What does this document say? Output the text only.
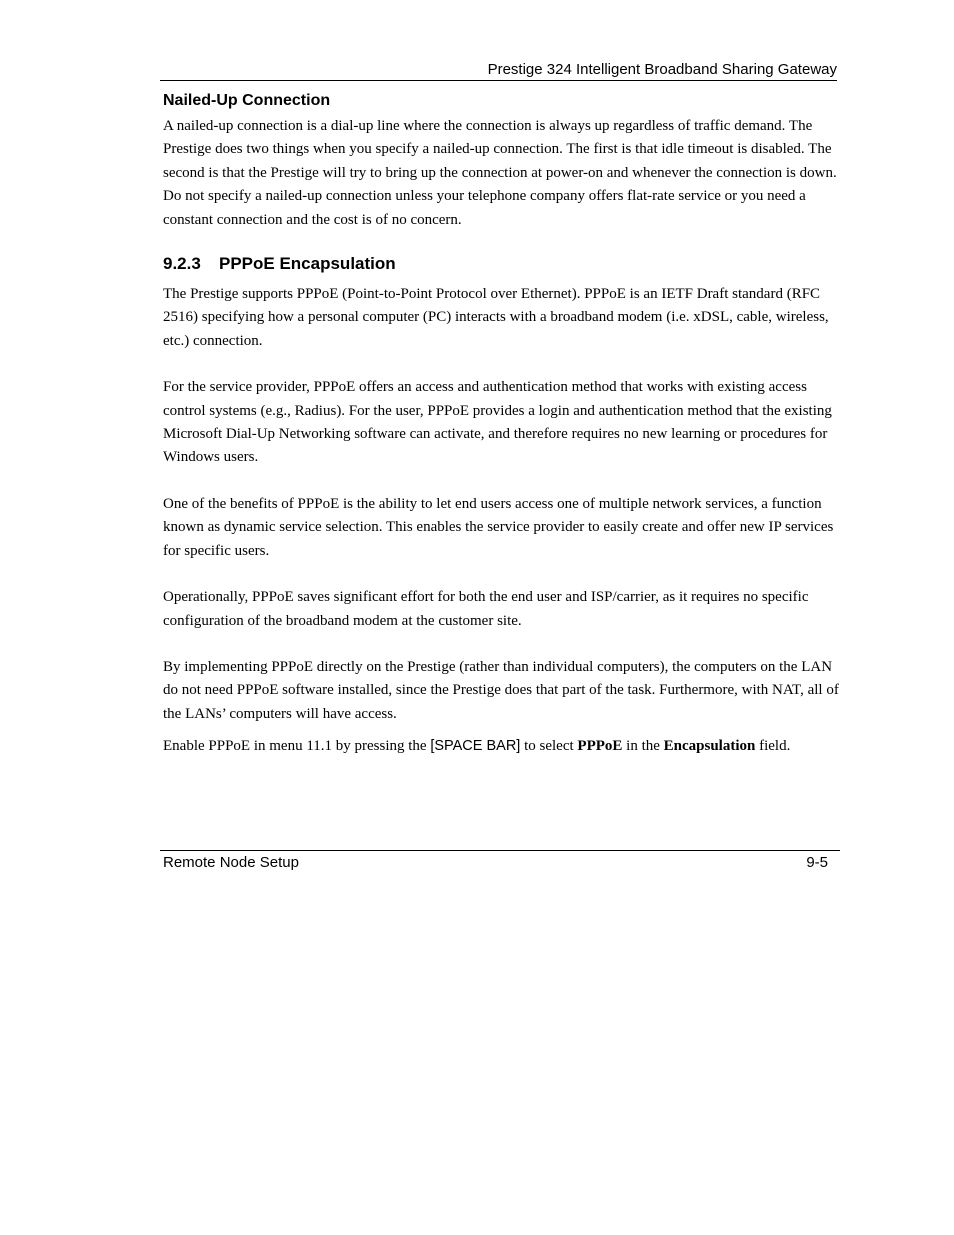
Prestige 324 Intelligent Broadband Sharing Gateway
Nailed-Up Connection

A nailed-up connection is a dial-up line where the connection is always up regardless of traffic demand. The Prestige does two things when you specify a nailed-up connection. The first is that idle timeout is disabled. The second is that the Prestige will try to bring up the connection at power-on and whenever the connection is down. Do not specify a nailed-up connection unless your telephone company offers flat-rate service or you need a constant connection and the cost is of no concern.

9.2.3 PPPoE Encapsulation

The Prestige supports PPPoE (Point-to-Point Protocol over Ethernet). PPPoE is an IETF Draft standard (RFC 2516) specifying how a personal computer (PC) interacts with a broadband modem (i.e. xDSL, cable, wireless, etc.) connection.

For the service provider, PPPoE offers an access and authentication method that works with existing access control systems (e.g., Radius). For the user, PPPoE provides a login and authentication method that the existing Microsoft Dial-Up Networking software can activate, and therefore requires no new learning or procedures for Windows users.

One of the benefits of PPPoE is the ability to let end users access one of multiple network services, a function known as dynamic service selection. This enables the service provider to easily create and offer new IP services for specific users.

Operationally, PPPoE saves significant effort for both the end user and ISP/carrier, as it requires no specific configuration of the broadband modem at the customer site.

By implementing PPPoE directly on the Prestige (rather than individual computers), the computers on the LAN do not need PPPoE software installed, since the Prestige does that part of the task. Furthermore, with NAT, all of the LANs’ computers will have access.

Enable PPPoE in menu 11.1 by pressing the [SPACE BAR] to select PPPoE in the Encapsulation field.

Remote Node Setup	9-5
